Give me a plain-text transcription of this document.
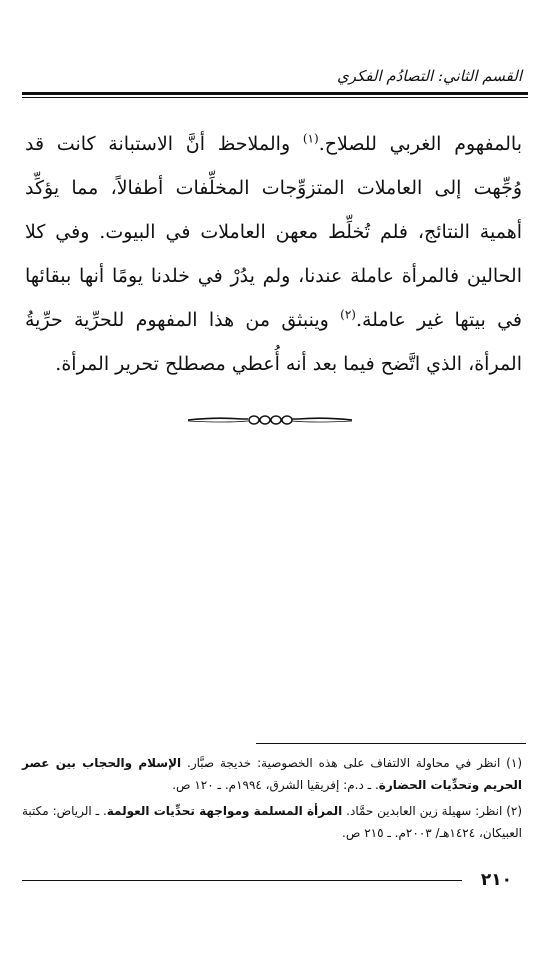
القسم الثاني: التصادُم الفكري

بالمفهوم الغربي للصلاح.$^{(١)}$ والملاحظ أنَّ الاستبانة كانت قد وُجِّهت إلى العاملات المتزوِّجات المخلِّفات أطفالاً، مما يؤكِّد أهمية النتائج، فلم تُخلِّط معهن العاملات في البيوت. وفي كلا الحالين فالمرأة عاملة عندنا، ولم يدُرْ في خلدنا يومًا أنها ببقائها في بيتها غير عاملة.$^{(٢)}$ وينبثق من هذا المفهوم للحرِّية حرِّيةُ المرأة، الذي اتَّضح فيما بعد أنه أُعطي مصطلح تحرير المرأة.

(١) انظر في محاولة الالتفاف على هذه الخصوصية: خديجة صبَّار. الإسلام والحجاب بين عصر الحريم وتحدِّيات الحضارة. ـ د.م: إفريقيا الشرق، ١٩٩٤م. ـ ١٢٠ ص.

(٢) انظر: سهيلة زين العابدين حمَّاد. المرأة المسلمة ومواجهة تحدِّيات العولمة. ـ الرياض: مكتبة العبيكان، ١٤٢٤هـ/ ٢٠٠٣م. ـ ٢١٥ ص.

٢١٠
